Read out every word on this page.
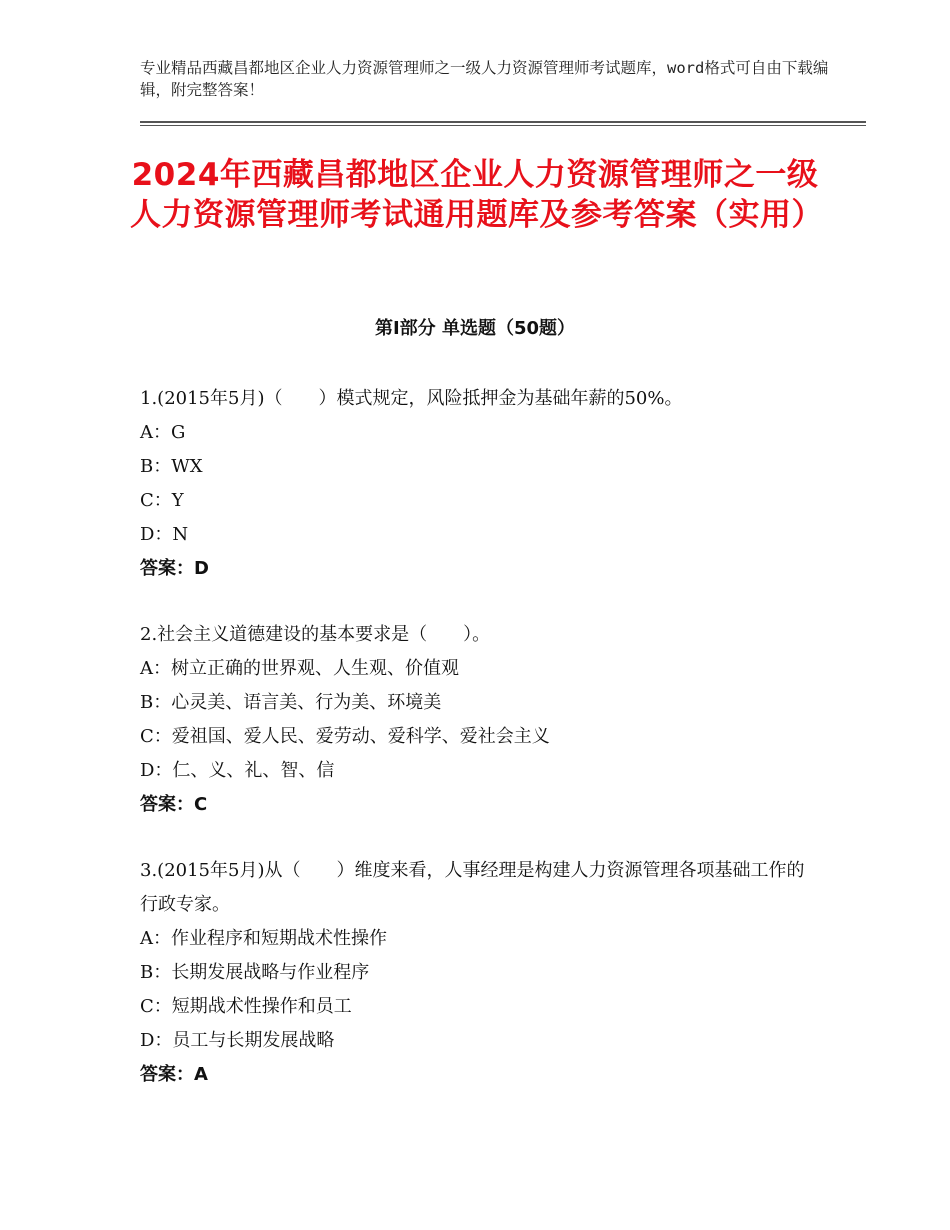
专业精品西藏昌都地区企业人力资源管理师之一级人力资源管理师考试题库，word格式可自由下载编辑，附完整答案！
2024年西藏昌都地区企业人力资源管理师之一级人力资源管理师考试通用题库及参考答案（实用）
第Ⅰ部分 单选题（50题）
1.(2015年5月)（　　）模式规定，风险抵押金为基础年薪的50%。
A：G
B：WX
C：Y
D：N
答案：D
2.社会主义道德建设的基本要求是（　　）。
A：树立正确的世界观、人生观、价值观
B：心灵美、语言美、行为美、环境美
C：爱祖国、爱人民、爱劳动、爱科学、爱社会主义
D：仁、义、礼、智、信
答案：C
3.(2015年5月)从（　　）维度来看，人事经理是构建人力资源管理各项基础工作的行政专家。
A：作业程序和短期战术性操作
B：长期发展战略与作业程序
C：短期战术性操作和员工
D：员工与长期发展战略
答案：A
